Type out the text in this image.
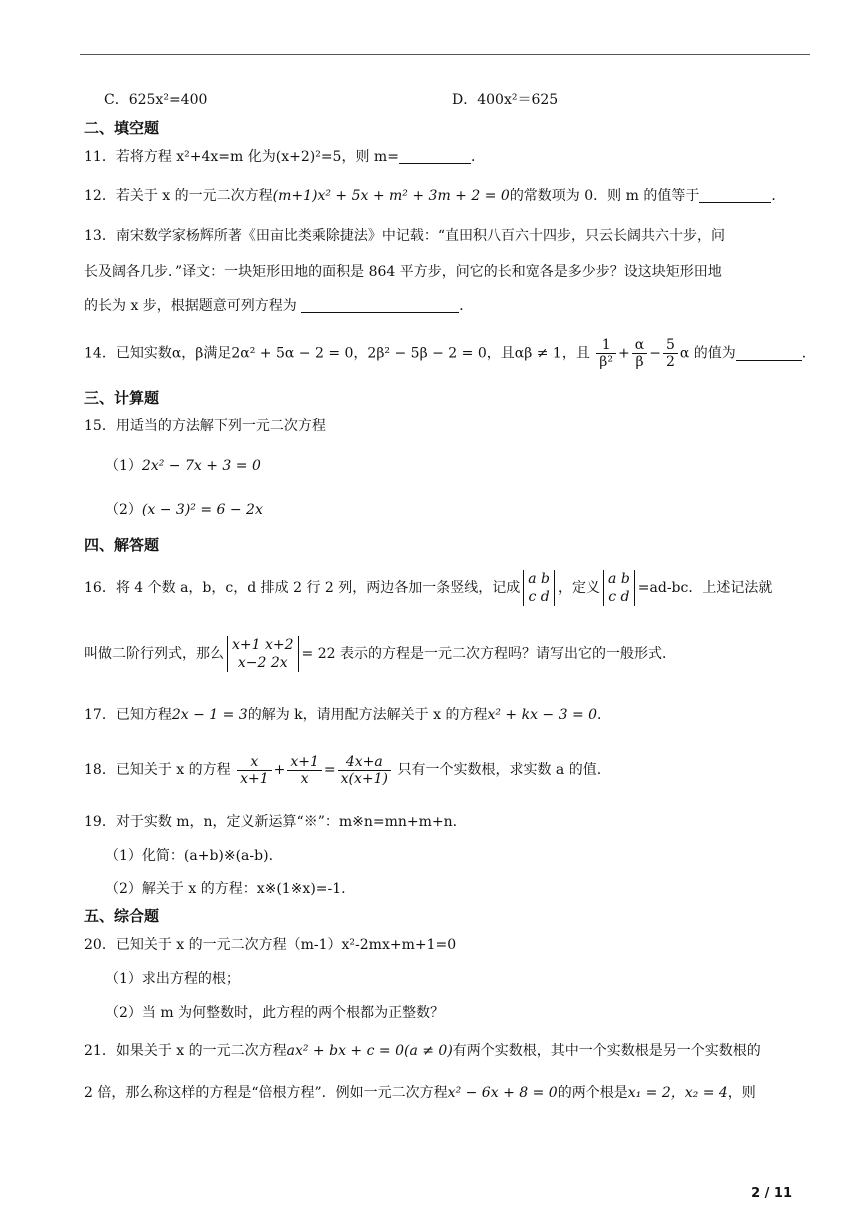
C．625x²=400	D．400x²＝625
二、填空题
11．若将方程 x²+4x=m 化为(x+2)²=5，则 m=	．
12．若关于 x 的一元二次方程(m+1)x² + 5x + m² + 3m + 2 = 0的常数项为 0．则 m 的值等于	．
13．南宋数学家杨辉所著《田亩比类乘除捷法》中记载：“直田积八百六十四步，只云长阔共六十步，问
长及阔各几步．”译文：一块矩形田地的面积是 864 平方步，问它的长和宽各是多少步？设这块矩形田地
的长为 x 步，根据题意可列方程为	．
14．已知实数α，β满足2α² + 5α − 2 = 0，2β² − 5β − 2 = 0，且αβ ≠ 1，且 $\frac{1}{\text{β²}} + \frac{\alpha}{\beta} - \frac{5}{2}$ α 的值为	．
三、计算题
15．用适当的方法解下列一元二次方程
（1）2x² − 7x + 3 = 0
（2）(x − 3)² = 6 − 2x
四、解答题
16．将 4 个数 a，b，c，d 排成 2 行 2 列，两边各加一条竖线，记成
a b
c d
，定义
a b
c d
=ad-bc．上述记法就
叫做二阶行列式，那么
x+1 x+2
x−2 2x
= 22 表示的方程是一元二次方程吗？请写出它的一般形式．
17．已知方程2x − 1 = 3的解为 k，请用配方法解关于 x 的方程x² + kx − 3 = 0．
18．已知关于 x 的方程 $\frac{x}{x+1} + \frac{x+1}{x} = \frac{4x+a}{x(x+1)}$ 只有一个实数根，求实数 a 的值.
19．对于实数 m，n，定义新运算“※”：m※n=mn+m+n.
（1）化简：(a+b)※(a-b).
（2）解关于 x 的方程：x※(1※x)=-1.
五、综合题
20．已知关于 x 的一元二次方程（m-1）x²-2mx+m+1=0
（1）求出方程的根；
（2）当 m 为何整数时，此方程的两个根都为正整数？
21．如果关于 x 的一元二次方程ax² + bx + c = 0(a ≠ 0)有两个实数根，其中一个实数根是另一个实数根的
2 倍，那么称这样的方程是“倍根方程”．例如一元二次方程x² − 6x + 8 = 0的两个根是x₁ = 2，x₂ = 4，则
2 / 11
